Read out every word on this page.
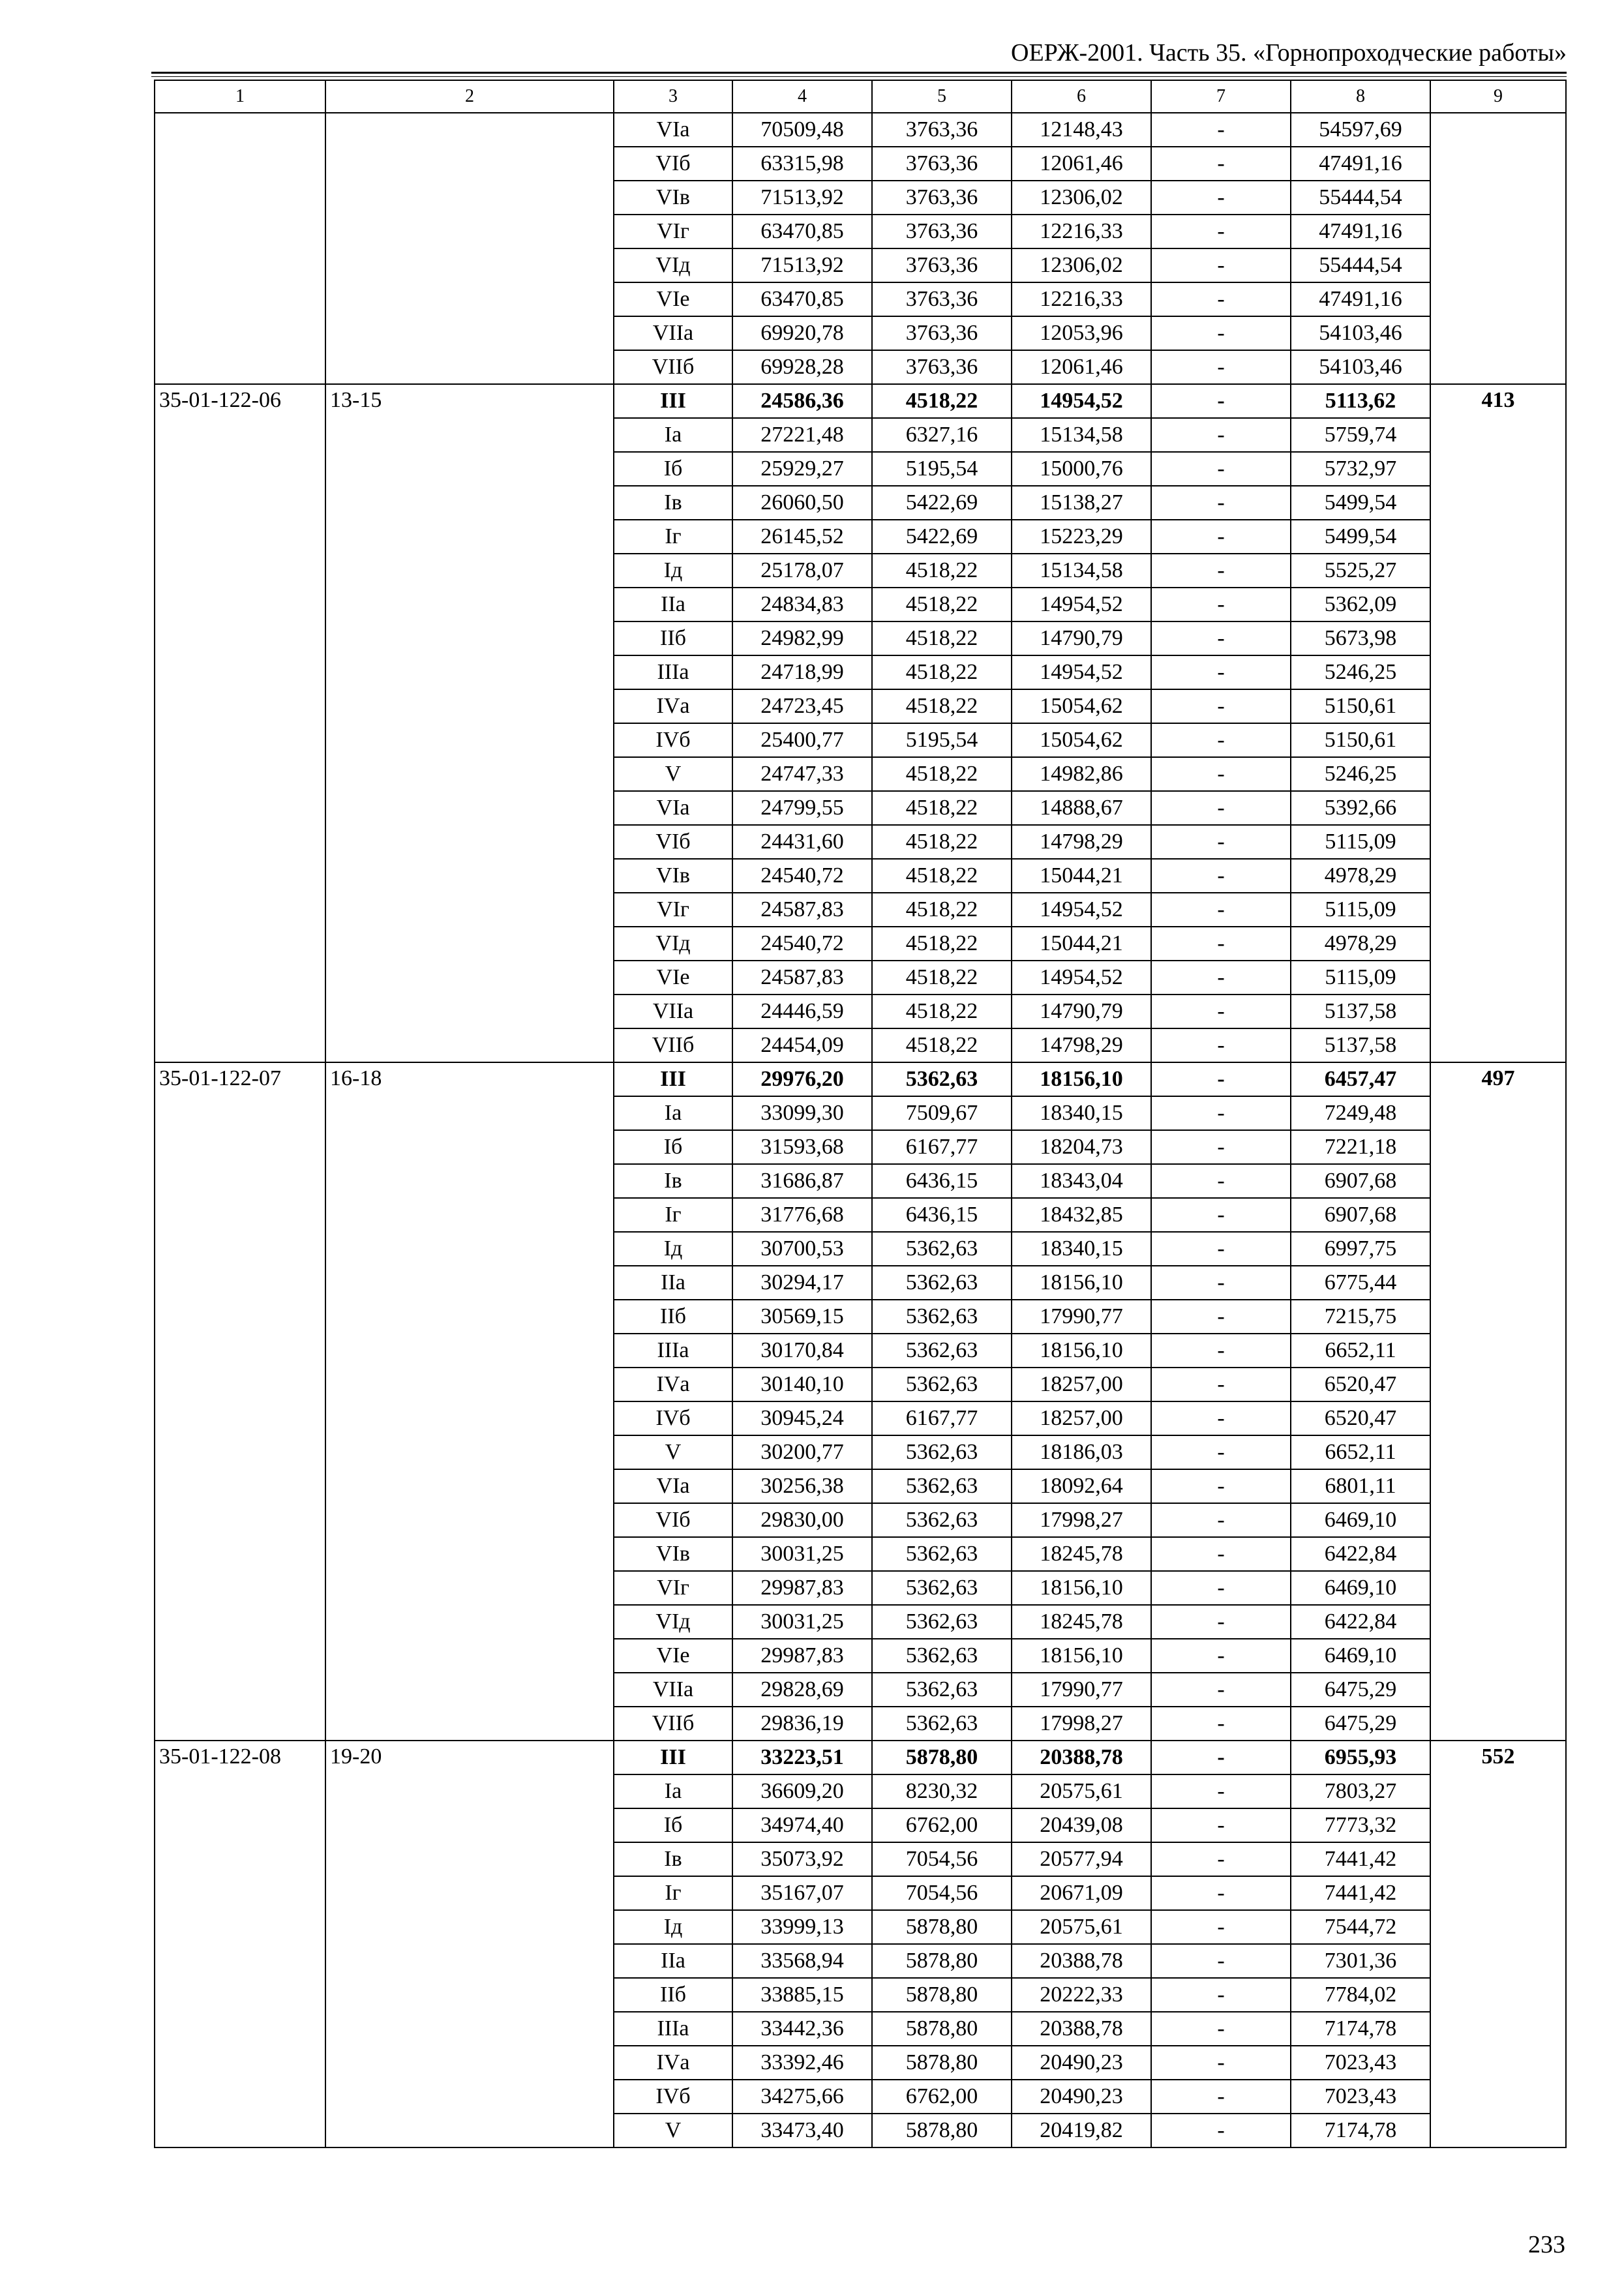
ОЕРЖ-2001. Часть 35. «Горнопроходческие работы»
1	2	3	4	5	6	7	8	9
		VIа	70509,48	3763,36	12148,43	-	54597,69	
		VIб	63315,98	3763,36	12061,46	-	47491,16	
		VIв	71513,92	3763,36	12306,02	-	55444,54	
		VIг	63470,85	3763,36	12216,33	-	47491,16	
		VIд	71513,92	3763,36	12306,02	-	55444,54	
		VIе	63470,85	3763,36	12216,33	-	47491,16	
		VIIа	69920,78	3763,36	12053,96	-	54103,46	
		VIIб	69928,28	3763,36	12061,46	-	54103,46	
35-01-122-06	13-15	III	24586,36	4518,22	14954,52	-	5113,62	413
		Iа	27221,48	6327,16	15134,58	-	5759,74	
		Iб	25929,27	5195,54	15000,76	-	5732,97	
		Iв	26060,50	5422,69	15138,27	-	5499,54	
		Iг	26145,52	5422,69	15223,29	-	5499,54	
		Iд	25178,07	4518,22	15134,58	-	5525,27	
		IIа	24834,83	4518,22	14954,52	-	5362,09	
		IIб	24982,99	4518,22	14790,79	-	5673,98	
		IIIа	24718,99	4518,22	14954,52	-	5246,25	
		IVа	24723,45	4518,22	15054,62	-	5150,61	
		IVб	25400,77	5195,54	15054,62	-	5150,61	
		V	24747,33	4518,22	14982,86	-	5246,25	
		VIа	24799,55	4518,22	14888,67	-	5392,66	
		VIб	24431,60	4518,22	14798,29	-	5115,09	
		VIв	24540,72	4518,22	15044,21	-	4978,29	
		VIг	24587,83	4518,22	14954,52	-	5115,09	
		VIд	24540,72	4518,22	15044,21	-	4978,29	
		VIе	24587,83	4518,22	14954,52	-	5115,09	
		VIIа	24446,59	4518,22	14790,79	-	5137,58	
		VIIб	24454,09	4518,22	14798,29	-	5137,58	
35-01-122-07	16-18	III	29976,20	5362,63	18156,10	-	6457,47	497
		Iа	33099,30	7509,67	18340,15	-	7249,48	
		Iб	31593,68	6167,77	18204,73	-	7221,18	
		Iв	31686,87	6436,15	18343,04	-	6907,68	
		Iг	31776,68	6436,15	18432,85	-	6907,68	
		Iд	30700,53	5362,63	18340,15	-	6997,75	
		IIа	30294,17	5362,63	18156,10	-	6775,44	
		IIб	30569,15	5362,63	17990,77	-	7215,75	
		IIIа	30170,84	5362,63	18156,10	-	6652,11	
		IVа	30140,10	5362,63	18257,00	-	6520,47	
		IVб	30945,24	6167,77	18257,00	-	6520,47	
		V	30200,77	5362,63	18186,03	-	6652,11	
		VIа	30256,38	5362,63	18092,64	-	6801,11	
		VIб	29830,00	5362,63	17998,27	-	6469,10	
		VIв	30031,25	5362,63	18245,78	-	6422,84	
		VIг	29987,83	5362,63	18156,10	-	6469,10	
		VIд	30031,25	5362,63	18245,78	-	6422,84	
		VIе	29987,83	5362,63	18156,10	-	6469,10	
		VIIа	29828,69	5362,63	17990,77	-	6475,29	
		VIIб	29836,19	5362,63	17998,27	-	6475,29	
35-01-122-08	19-20	III	33223,51	5878,80	20388,78	-	6955,93	552
		Iа	36609,20	8230,32	20575,61	-	7803,27	
		Iб	34974,40	6762,00	20439,08	-	7773,32	
		Iв	35073,92	7054,56	20577,94	-	7441,42	
		Iг	35167,07	7054,56	20671,09	-	7441,42	
		Iд	33999,13	5878,80	20575,61	-	7544,72	
		IIа	33568,94	5878,80	20388,78	-	7301,36	
		IIб	33885,15	5878,80	20222,33	-	7784,02	
		IIIа	33442,36	5878,80	20388,78	-	7174,78	
		IVа	33392,46	5878,80	20490,23	-	7023,43	
		IVб	34275,66	6762,00	20490,23	-	7023,43	
		V	33473,40	5878,80	20419,82	-	7174,78	
233
